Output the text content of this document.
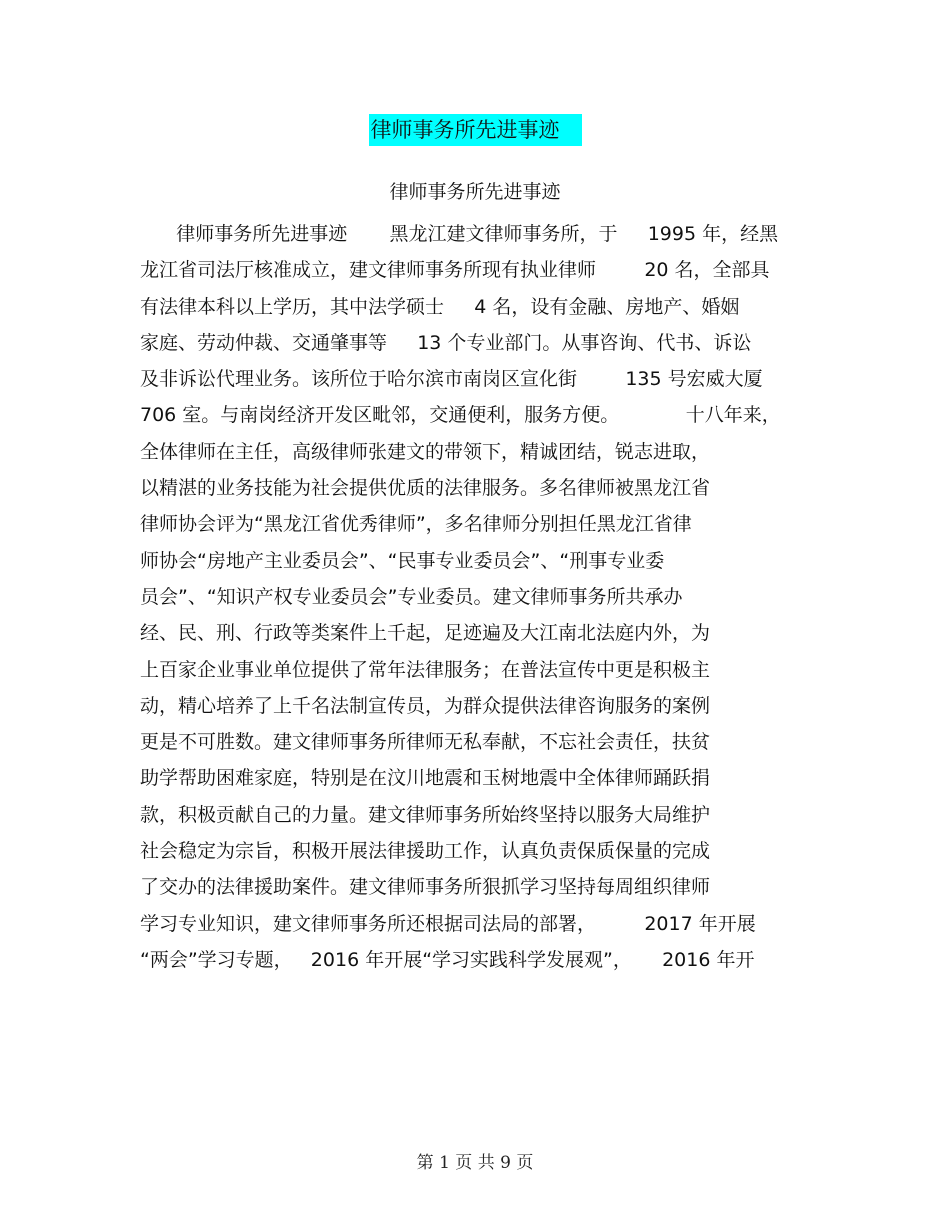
律师事务所先进事迹
律师事务所先进事迹
律师事务所先进事迹       黑龙江建文律师事务所，于     1995 年，经黑
龙江省司法厅核准成立，建文律师事务所现有执业律师        20 名，全部具
有法律本科以上学历，其中法学硕士     4 名，设有金融、房地产、婚姻
家庭、劳动仲裁、交通肇事等     13 个专业部门。从事咨询、代书、诉讼
及非诉讼代理业务。该所位于哈尔滨市南岗区宣化街        135 号宏威大厦
706 室。与南岗经济开发区毗邻，交通便利，服务方便。           十八年来，
全体律师在主任，高级律师张建文的带领下，精诚团结，锐志进取，
以精湛的业务技能为社会提供优质的法律服务。多名律师被黑龙江省
律师协会评为“黑龙江省优秀律师”，多名律师分别担任黑龙江省律
师协会“房地产主业委员会”、“民事专业委员会”、“刑事专业委
员会”、“知识产权专业委员会”专业委员。建文律师事务所共承办
经、民、刑、行政等类案件上千起，足迹遍及大江南北法庭内外，为
上百家企业事业单位提供了常年法律服务；在普法宣传中更是积极主
动，精心培养了上千名法制宣传员，为群众提供法律咨询服务的案例
更是不可胜数。建文律师事务所律师无私奉献，不忘社会责任，扶贫
助学帮助困难家庭，特别是在汶川地震和玉树地震中全体律师踊跃捐
款，积极贡献自己的力量。建文律师事务所始终坚持以服务大局维护
社会稳定为宗旨，积极开展法律援助工作，认真负责保质保量的完成
了交办的法律援助案件。建文律师事务所狠抓学习坚持每周组织律师
学习专业知识，建文律师事务所还根据司法局的部署，        2017 年开展
“两会”学习专题，   2016 年开展“学习实践科学发展观”，     2016 年开
第 1 页 共 9 页
